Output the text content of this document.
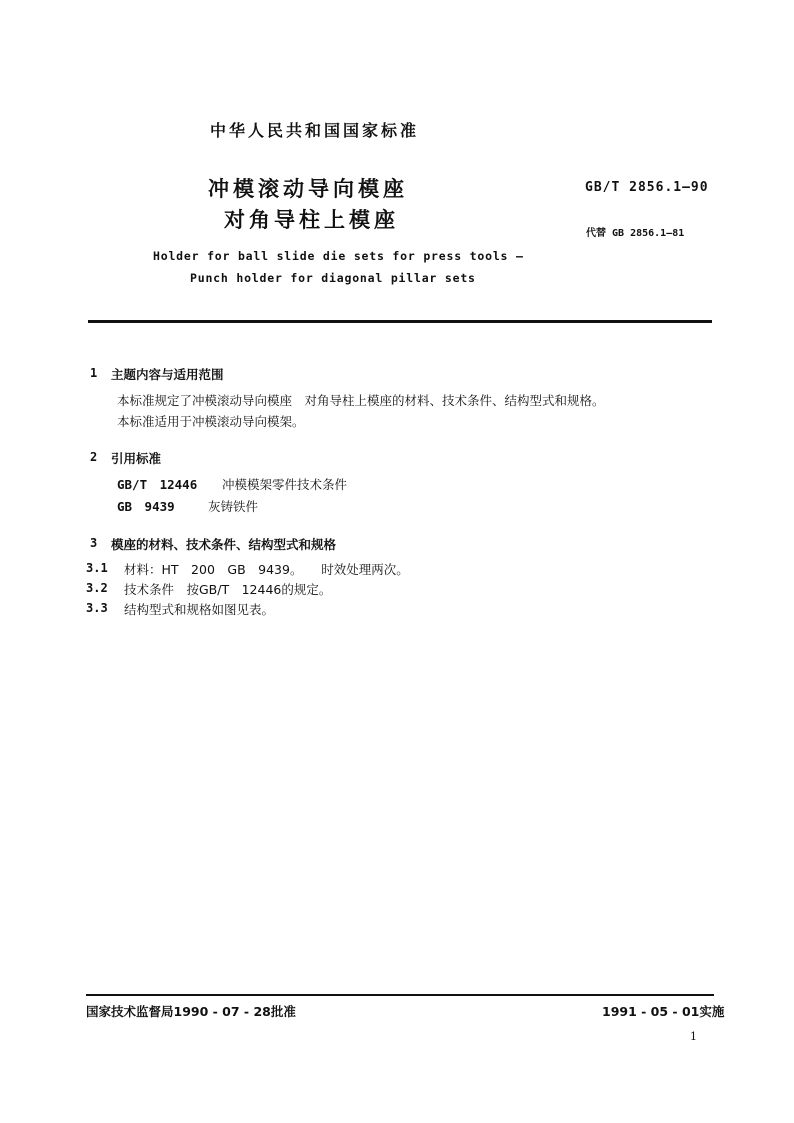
中华人民共和国国家标准
冲模滚动导向模座
对角导柱上模座
GB/T 2856.1—90
代替 GB 2856.1—81
Holder for ball slide die sets for press tools —
Punch holder for diagonal pillar sets
1 主题内容与适用范围
本标准规定了冲模滚动导向模座　对角导柱上模座的材料、技术条件、结构型式和规格。
本标准适用于冲模滚动导向模架。
2 引用标准
GB/T　12446 冲模模架零件技术条件
GB　9439	灰铸铁件
3 模座的材料、技术条件、结构型式和规格
3.1 材料：HT　200　GB　9439。　　时效处理两次。
3.2 技术条件　按GB/T　12446的规定。
3.3 结构型式和规格如图见表。
国家技术监督局1990 - 07 - 28批准	1991 - 05 - 01实施
1
